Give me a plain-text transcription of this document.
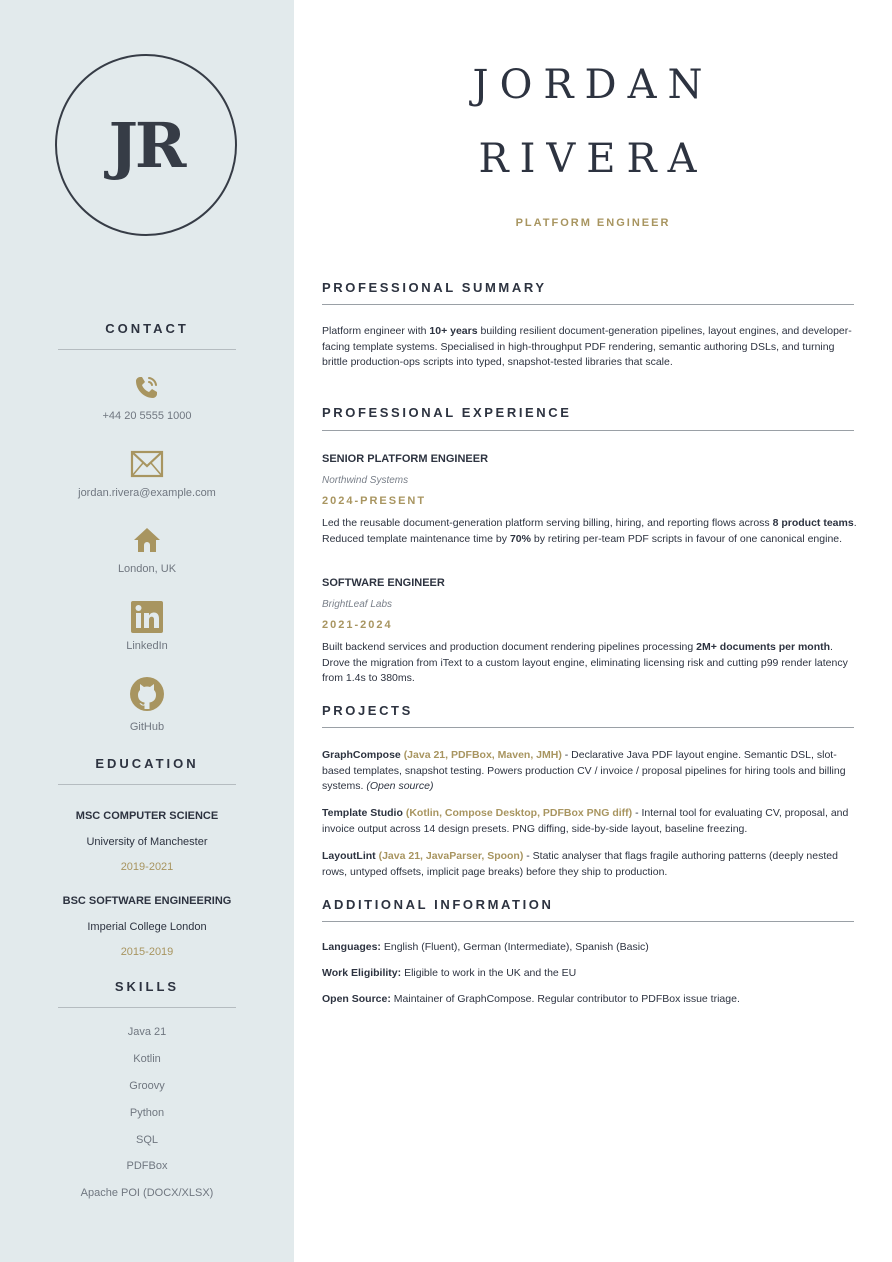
JR
CONTACT
+44 20 5555 1000
jordan.rivera@example.com
London, UK
LinkedIn
GitHub
EDUCATION
MSC COMPUTER SCIENCE
University of Manchester
2019-2021
BSC SOFTWARE ENGINEERING
Imperial College London
2015-2019
SKILLS
Java 21
Kotlin
Groovy
Python
SQL
PDFBox
Apache POI (DOCX/XLSX)
JORDAN
RIVERA
PLATFORM ENGINEER
PROFESSIONAL SUMMARY
Platform engineer with 10+ years building resilient document-generation pipelines, layout engines, and developer-facing template systems. Specialised in high-throughput PDF rendering, semantic authoring DSLs, and turning brittle production-ops scripts into typed, snapshot-tested libraries that scale.
PROFESSIONAL EXPERIENCE
SENIOR PLATFORM ENGINEER
Northwind Systems
2024-PRESENT
Led the reusable document-generation platform serving billing, hiring, and reporting flows across 8 product teams. Reduced template maintenance time by 70% by retiring per-team PDF scripts in favour of one canonical engine.
SOFTWARE ENGINEER
BrightLeaf Labs
2021-2024
Built backend services and production document rendering pipelines processing 2M+ documents per month. Drove the migration from iText to a custom layout engine, eliminating licensing risk and cutting p99 render latency from 1.4s to 380ms.
PROJECTS
GraphCompose (Java 21, PDFBox, Maven, JMH) - Declarative Java PDF layout engine. Semantic DSL, slot-based templates, snapshot testing. Powers production CV / invoice / proposal pipelines for hiring tools and billing systems. (Open source)
Template Studio (Kotlin, Compose Desktop, PDFBox PNG diff) - Internal tool for evaluating CV, proposal, and invoice output across 14 design presets. PNG diffing, side-by-side layout, baseline freezing.
LayoutLint (Java 21, JavaParser, Spoon) - Static analyser that flags fragile authoring patterns (deeply nested rows, untyped offsets, implicit page breaks) before they ship to production.
ADDITIONAL INFORMATION
Languages: English (Fluent), German (Intermediate), Spanish (Basic)
Work Eligibility: Eligible to work in the UK and the EU
Open Source: Maintainer of GraphCompose. Regular contributor to PDFBox issue triage.
